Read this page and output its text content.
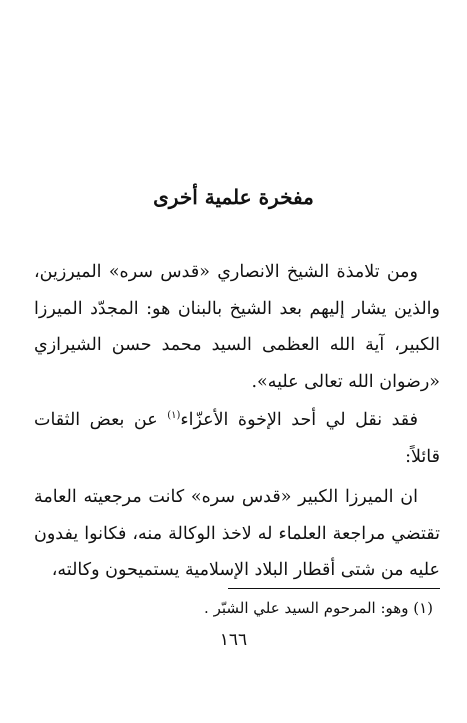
مفخرة علمية أخرى

ومن تلامذة الشيخ الانصاري «قدس سره» الميرزين، والذين يشار إليهم بعد الشيخ بالبنان هو: المجدّد الميرزا الكبير، آية الله العظمى السيد محمد حسن الشيرازي «رضوان الله تعالى عليه».

فقد نقل لي أحد الإخوة الأعزّاء$^{(١)}$ عن بعض الثقات قائلاً:

ان الميرزا الكبير «قدس سره» كانت مرجعيته العامة تقتضي مراجعة العلماء له لاخذ الوكالة منه، فكانوا يفدون عليه من شتى أقطار البلاد الإسلامية يستميحون وكالته،

(١) وهو: المرحوم السيد علي الشبّر .
١٦٦
